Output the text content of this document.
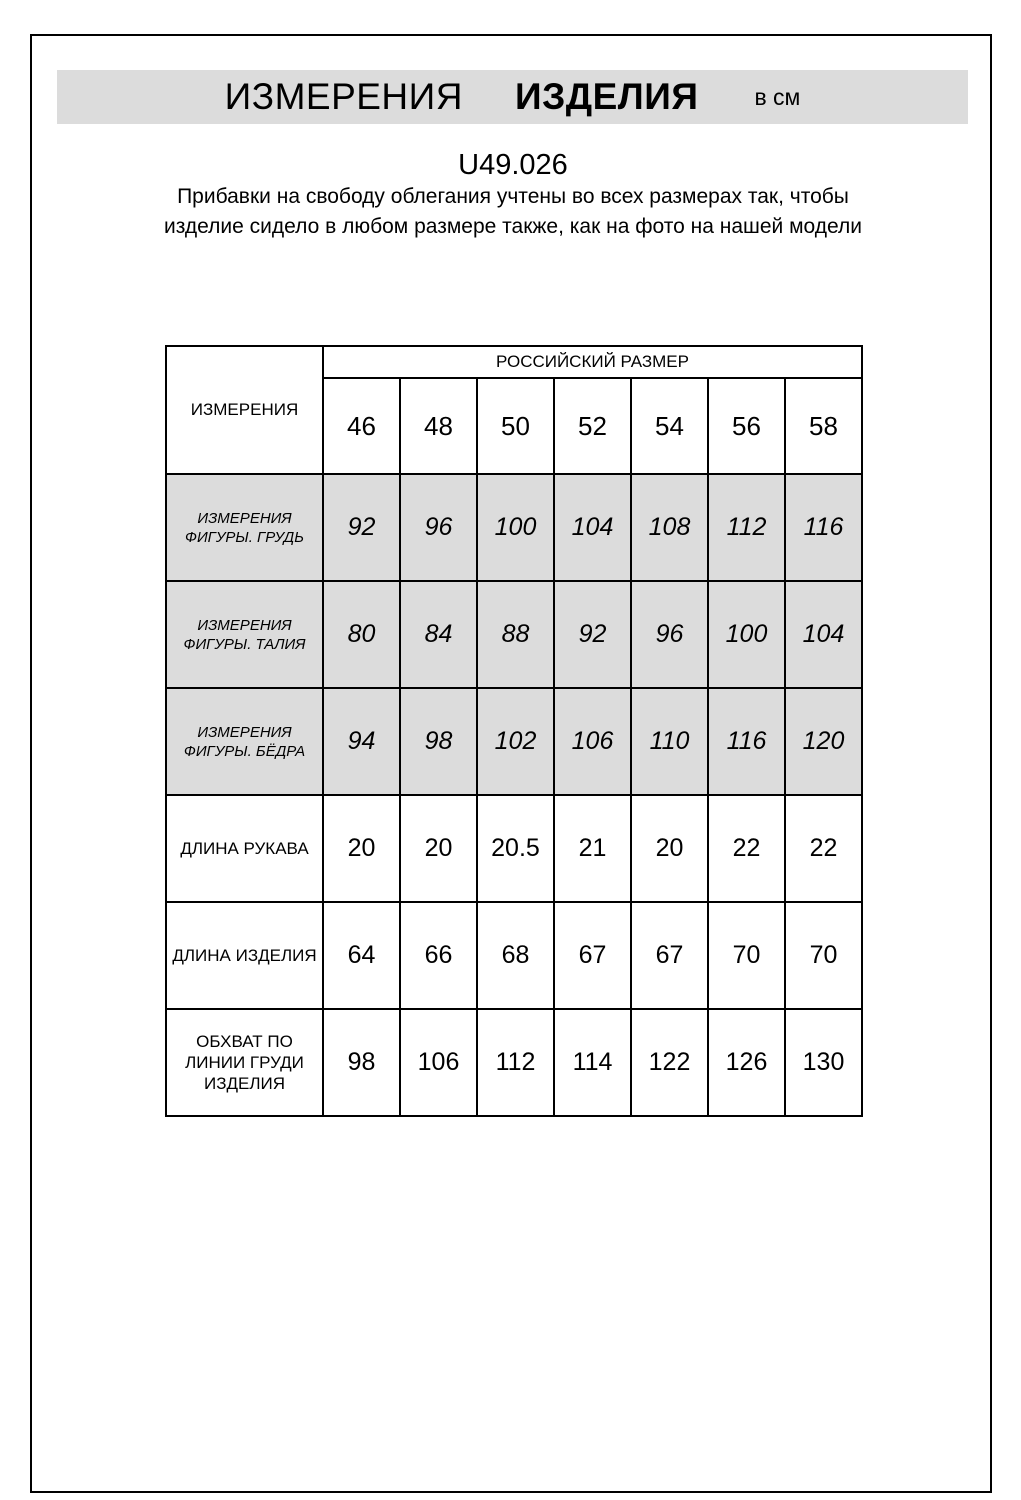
ИЗМЕРЕНИЯ ИЗДЕЛИЯ в см
U49.026
Прибавки на свободу облегания учтены во всех размерах так, чтобы изделие сидело в любом размере также, как на фото на нашей модели
ИЗМЕРЕНИЯ	РОССИЙСКИЙ РАЗМЕР						
	46	48	50	52	54	56	58
ИЗМЕРЕНИЯ
ФИГУРЫ. ГРУДЬ	92	96	100	104	108	112	116
ИЗМЕРЕНИЯ
ФИГУРЫ. ТАЛИЯ	80	84	88	92	96	100	104
ИЗМЕРЕНИЯ
ФИГУРЫ. БЁДРА	94	98	102	106	110	116	120
ДЛИНА РУКАВА	20	20	20.5	21	20	22	22
ДЛИНА ИЗДЕЛИЯ	64	66	68	67	67	70	70
ОБХВАТ ПО
ЛИНИИ ГРУДИ
ИЗДЕЛИЯ	98	106	112	114	122	126	130
